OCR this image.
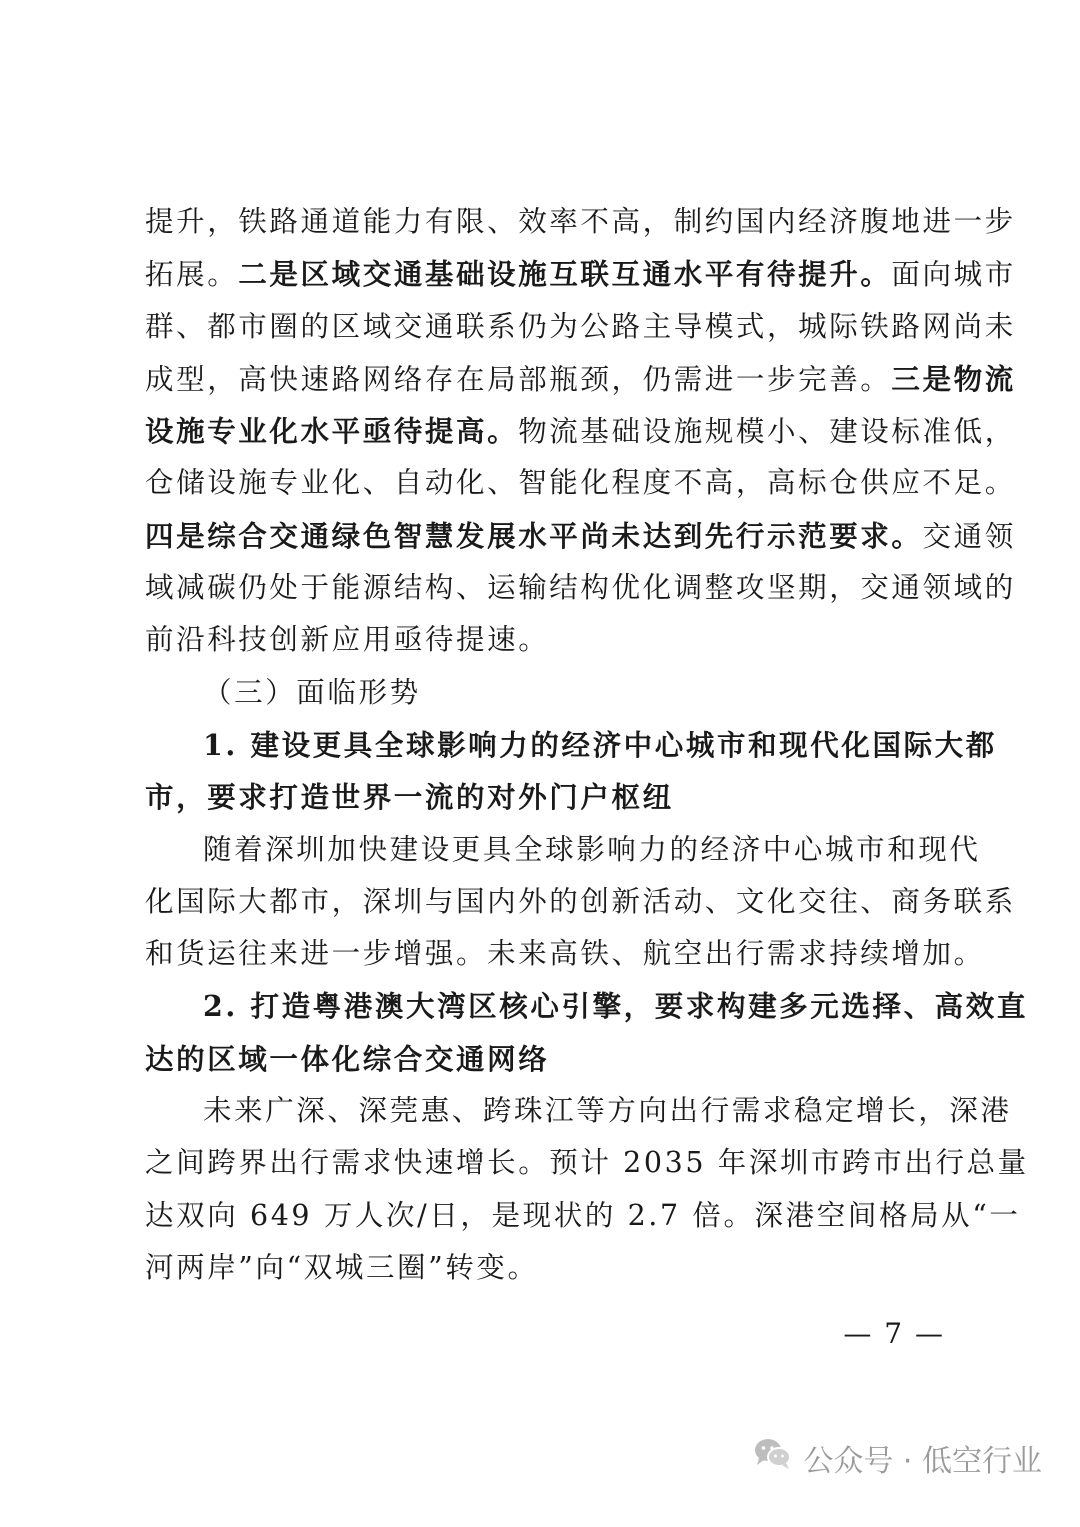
提升，铁路通道能力有限、效率不高，制约国内经济腹地进一步
拓展。二是区域交通基础设施互联互通水平有待提升。面向城市
群、都市圈的区域交通联系仍为公路主导模式，城际铁路网尚未
成型，高快速路网络存在局部瓶颈，仍需进一步完善。三是物流
设施专业化水平亟待提高。物流基础设施规模小、建设标准低，
仓储设施专业化、自动化、智能化程度不高，高标仓供应不足。
四是综合交通绿色智慧发展水平尚未达到先行示范要求。交通领
域减碳仍处于能源结构、运输结构优化调整攻坚期，交通领域的
前沿科技创新应用亟待提速。
（三）面临形势
1. 建设更具全球影响力的经济中心城市和现代化国际大都
市，要求打造世界一流的对外门户枢纽
随着深圳加快建设更具全球影响力的经济中心城市和现代
化国际大都市，深圳与国内外的创新活动、文化交往、商务联系
和货运往来进一步增强。未来高铁、航空出行需求持续增加。
2. 打造粤港澳大湾区核心引擎，要求构建多元选择、高效直
达的区域一体化综合交通网络
未来广深、深莞惠、跨珠江等方向出行需求稳定增长，深港
之间跨界出行需求快速增长。预计 2035 年深圳市跨市出行总量
达双向 649 万人次/日，是现状的 2.7 倍。深港空间格局从“一
河两岸”向“双城三圈”转变。
— 7 —
公众号 · 低空行业
